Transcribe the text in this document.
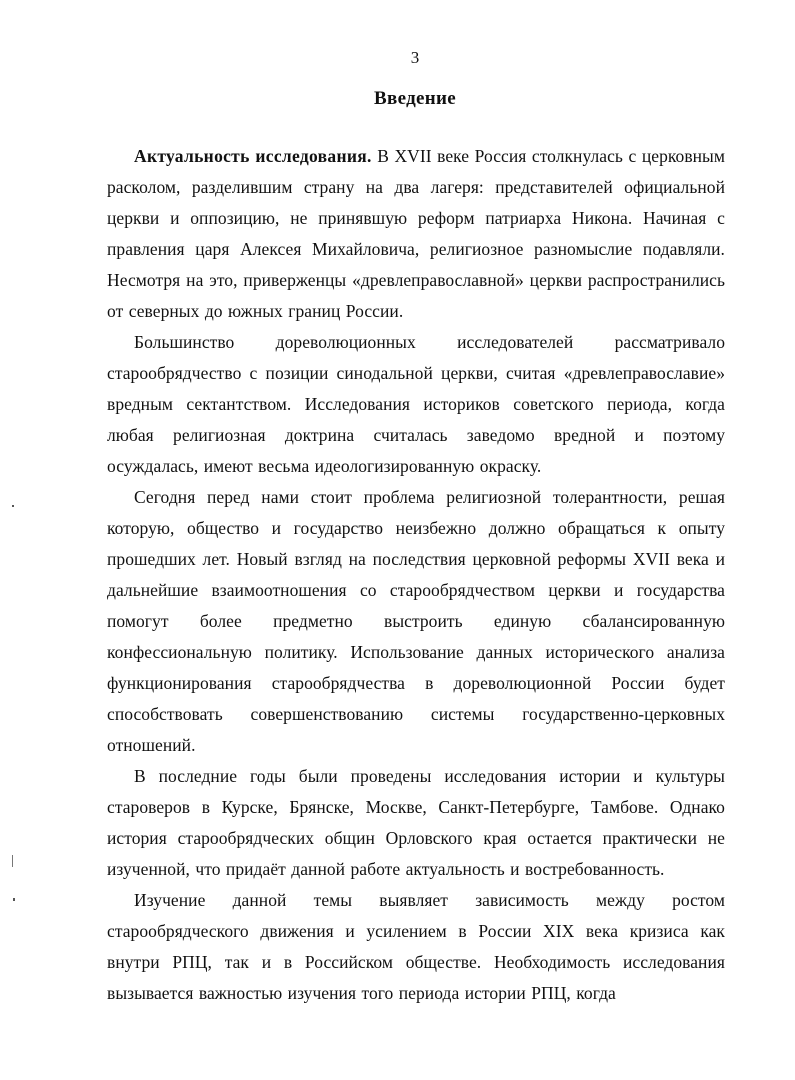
3
Введение

Актуальность исследования. В XVII веке Россия столкнулась с церковным расколом, разделившим страну на два лагеря: представителей официальной церкви и оппозицию, не принявшую реформ патриарха Никона. Начиная с правления царя Алексея Михайловича, религиозное разномыслие подавляли. Несмотря на это, приверженцы «древлеправославной» церкви распространились от северных до южных границ России.

Большинство дореволюционных исследователей рассматривало старообрядчество с позиции синодальной церкви, считая «древлеправославие» вредным сектантством. Исследования историков советского периода, когда любая религиозная доктрина считалась заведомо вредной и поэтому осуждалась, имеют весьма идеологизированную окраску.

Сегодня перед нами стоит проблема религиозной толерантности, решая которую, общество и государство неизбежно должно обращаться к опыту прошедших лет. Новый взгляд на последствия церковной реформы XVII века и дальнейшие взаимоотношения со старообрядчеством церкви и государства помогут более предметно выстроить единую сбалансированную конфессиональную политику. Использование данных исторического анализа функционирования старообрядчества в дореволюционной России будет способствовать совершенствованию системы государственно-церковных отношений.

В последние годы были проведены исследования истории и культуры староверов в Курске, Брянске, Москве, Санкт-Петербурге, Тамбове. Однако история старообрядческих общин Орловского края остается практически не изученной, что придаёт данной работе актуальность и востребованность.

Изучение данной темы выявляет зависимость между ростом старообрядческого движения и усилением в России XIX века кризиса как внутри РПЦ, так и в Российском обществе. Необходимость исследования вызывается важностью изучения того периода истории РПЦ, когда
